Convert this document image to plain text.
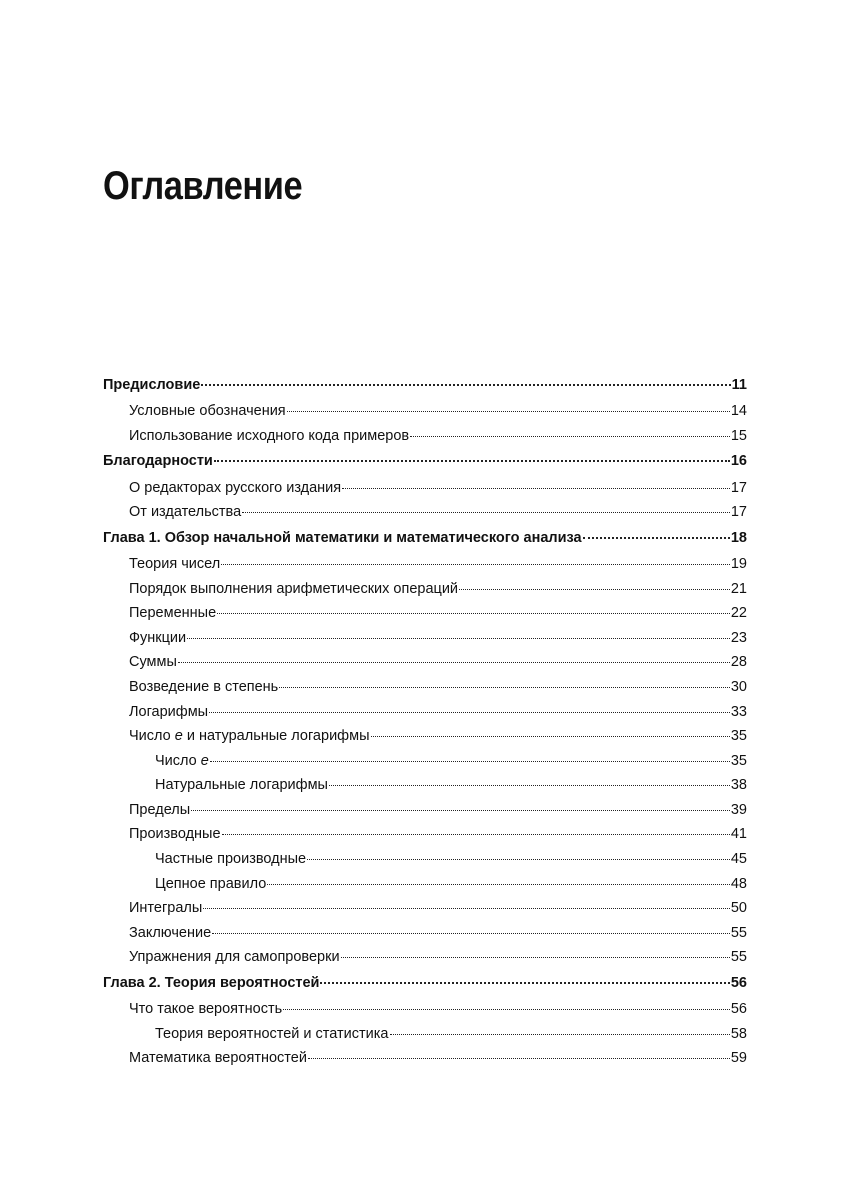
Оглавление
Предисловие	11
Условные обозначения	14
Использование исходного кода примеров	15
Благодарности	16
О редакторах русского издания	17
От издательства	17
Глава 1. Обзор начальной математики и математического анализа	18
Теория чисел	19
Порядок выполнения арифметических операций	21
Переменные	22
Функции	23
Суммы	28
Возведение в степень	30
Логарифмы	33
Число e и натуральные логарифмы	35
Число e	35
Натуральные логарифмы	38
Пределы	39
Производные	41
Частные производные	45
Цепное правило	48
Интегралы	50
Заключение	55
Упражнения для самопроверки	55
Глава 2. Теория вероятностей	56
Что такое вероятность	56
Теория вероятностей и статистика	58
Математика вероятностей	59
